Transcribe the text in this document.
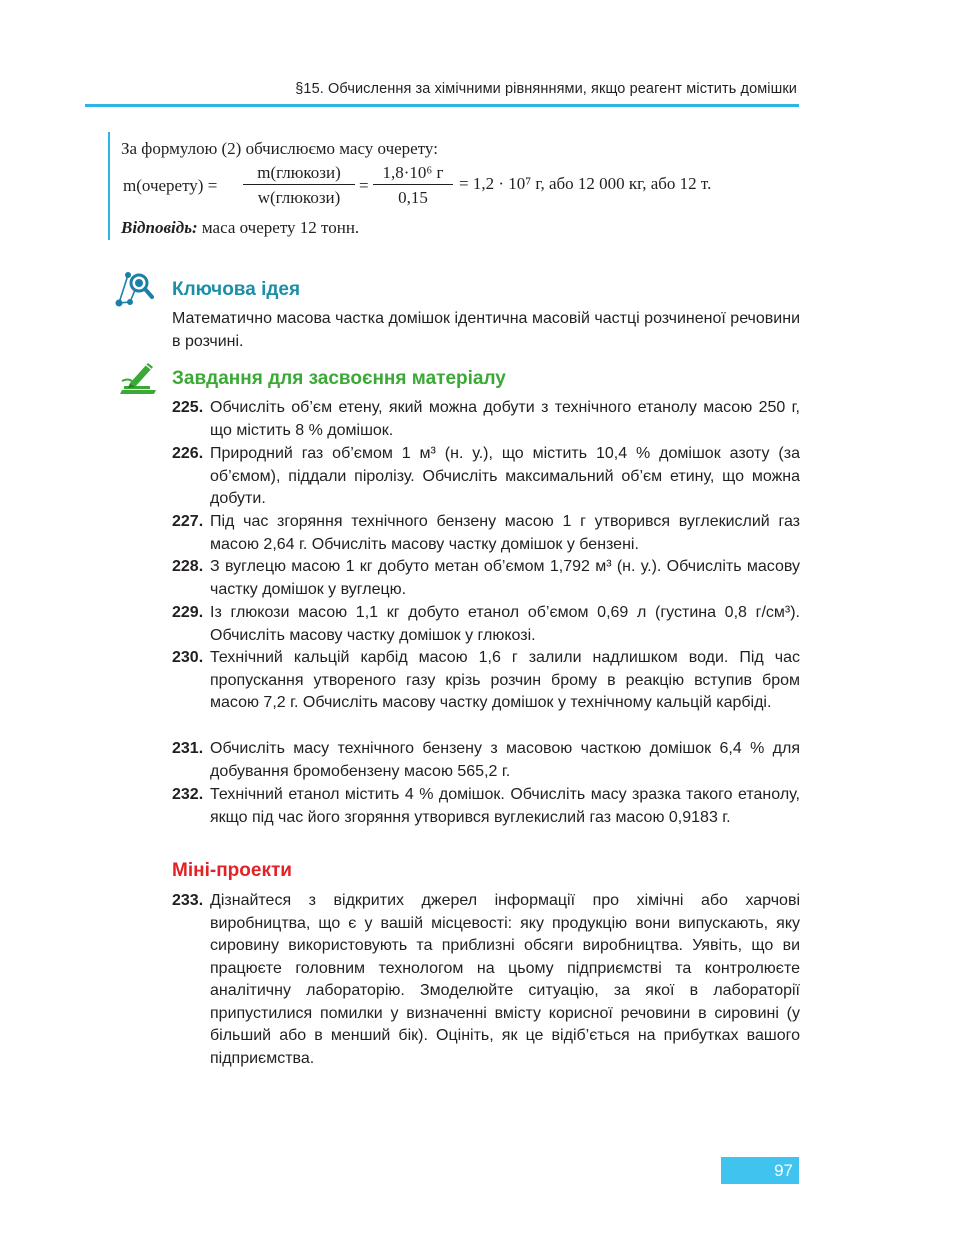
§15. Обчислення за хімічними рівняннями, якщо реагент містить домішки
За формулою (2) обчислюємо масу очерету:
m(очерету) =
m(глюкози)
w(глюкози)
=
1,8·10⁶ г
0,15
= 1,2 · 10⁷ г, або 12 000 кг, або 12 т.
Відповідь: маса очерету 12 тонн.
Ключова ідея
Математично масова частка домішок ідентична масовій частці розчиненої речовини в розчині.
Завдання для засвоєння матеріалу
225. Обчисліть об’єм етену, який можна добути з технічного етанолу масою 250 г, що містить 8 % домішок.
226. Природний газ об’ємом 1 м³ (н. у.), що містить 10,4 % домішок азоту (за об’ємом), піддали піролізу. Обчисліть максимальний об’єм етину, що можна добути.
227. Під час згоряння технічного бензену масою 1 г утворився вуглекислий газ масою 2,64 г. Обчисліть масову частку домішок у бензені.
228. З вуглецю масою 1 кг добуто метан об’ємом 1,792 м³ (н. у.). Обчисліть масову частку домішок у вуглецю.
229. Із глюкози масою 1,1 кг добуто етанол об’ємом 0,69 л (густина 0,8 г/см³). Обчисліть масову частку домішок у глюкозі.
230. Технічний кальцій карбід масою 1,6 г залили надлишком води. Під час пропускання утвореного газу крізь розчин брому в реакцію вступив бром масою 7,2 г. Обчисліть масову частку домішок у технічному кальцій карбіді.
231. Обчисліть масу технічного бензену з масовою часткою домішок 6,4 % для добування бромобензену масою 565,2 г.
232. Технічний етанол містить 4 % домішок. Обчисліть масу зразка такого етанолу, якщо під час його згоряння утворився вуглекислий газ масою 0,9183 г.
Міні-проекти
233. Дізнайтеся з відкритих джерел інформації про хімічні або харчові виробництва, що є у вашій місцевості: яку продукцію вони випускають, яку сировину використовують та приблизні обсяги виробництва. Уявіть, що ви працюєте головним технологом на цьому підприємстві та контролюєте аналітичну лабораторію. Змоделюйте ситуацію, за якої в лабораторії припустилися помилки у визначенні вмісту корисної речовини в сировині (у більший або в менший бік). Оцініть, як це відіб’ється на прибутках вашого підприємства.
97
